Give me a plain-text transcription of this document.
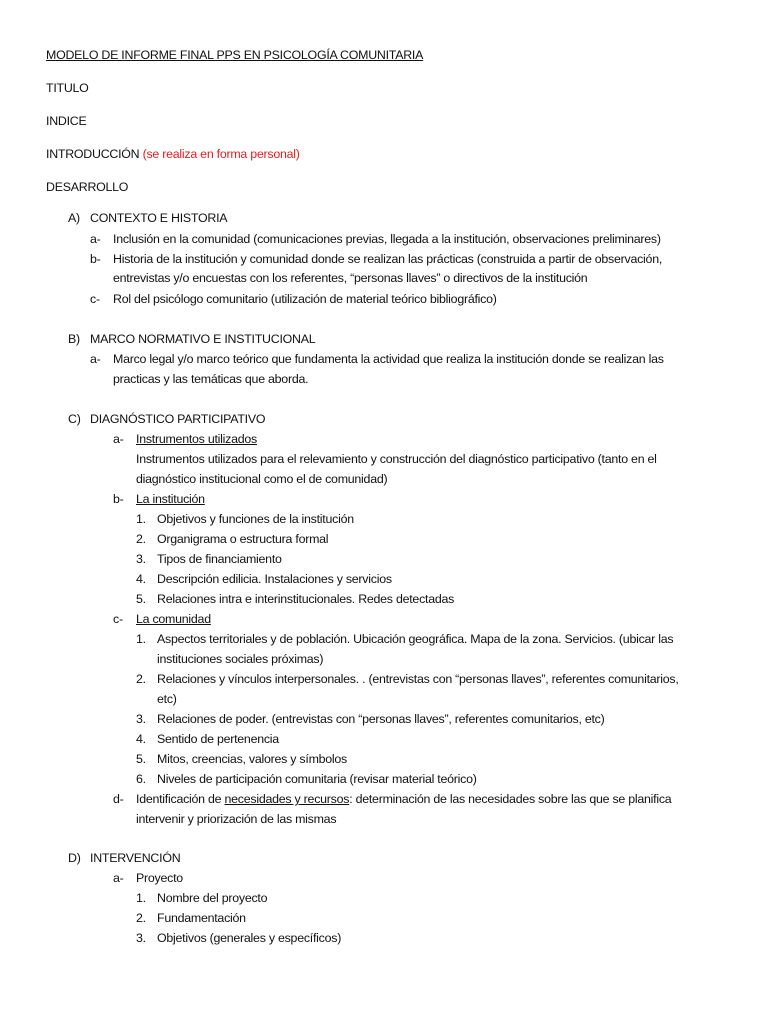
MODELO DE INFORME FINAL PPS EN PSICOLOGÍA COMUNITARIA
TITULO
INDICE
INTRODUCCIÓN (se realiza en forma personal)
DESARROLLO
A) CONTEXTO E HISTORIA
a- Inclusión en la comunidad (comunicaciones previas, llegada a la institución, observaciones preliminares)
b- Historia de la institución y comunidad donde se realizan las prácticas (construida a partir de observación,
entrevistas y/o encuestas con los referentes, “personas llaves” o directivos de la institución
c- Rol del psicólogo comunitario (utilización de material teórico bibliográfico)
B) MARCO NORMATIVO E INSTITUCIONAL
a- Marco legal y/o marco teórico que fundamenta la actividad que realiza la institución donde se realizan las
practicas y las temáticas que aborda.
C) DIAGNÓSTICO PARTICIPATIVO
a- Instrumentos utilizados
Instrumentos utilizados para el relevamiento y construcción del diagnóstico participativo (tanto en el
diagnóstico institucional como el de comunidad)
b- La institución
1. Objetivos y funciones de la institución
2. Organigrama o estructura formal
3. Tipos de financiamiento
4. Descripción edilicia. Instalaciones y servicios
5. Relaciones intra e interinstitucionales. Redes detectadas
c- La comunidad
1. Aspectos territoriales y de población. Ubicación geográfica. Mapa de la zona. Servicios. (ubicar las
instituciones sociales próximas)
2. Relaciones y vínculos interpersonales. . (entrevistas con “personas llaves”, referentes comunitarios,
etc)
3. Relaciones de poder. (entrevistas con “personas llaves”, referentes comunitarios, etc)
4. Sentido de pertenencia
5. Mitos, creencias, valores y símbolos
6. Niveles de participación comunitaria (revisar material teórico)
d- Identificación de necesidades y recursos: determinación de las necesidades sobre las que se planifica
intervenir y priorización de las mismas
D) INTERVENCIÓN
a- Proyecto
1. Nombre del proyecto
2. Fundamentación
3. Objetivos (generales y específicos)
